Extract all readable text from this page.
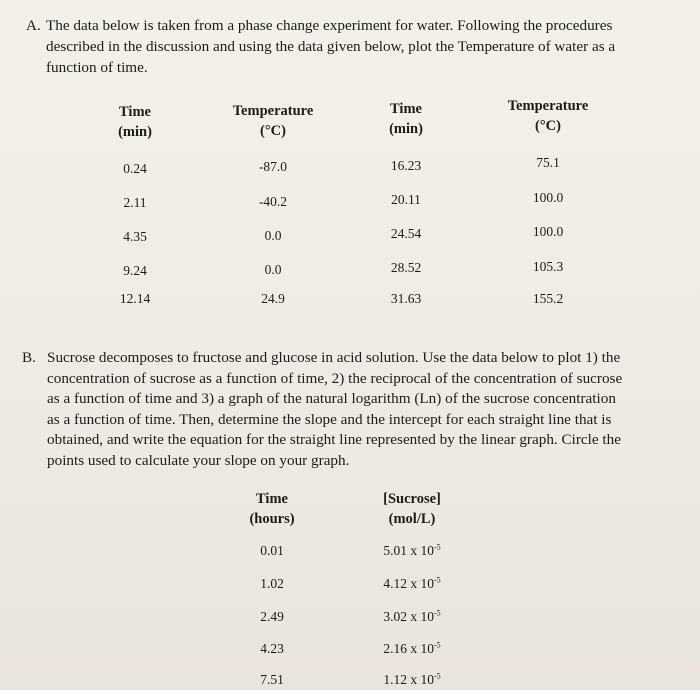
A. The data below is taken from a phase change experiment for water. Following the procedures
described in the discussion and using the data given below, plot the Temperature of water as a
function of time.
Time
(min)
Temperature
(°C)
Time
(min)
Temperature
(°C)
0.24	-87.0	16.23	75.1
2.11	-40.2	20.11	100.0
4.35	0.0	24.54	100.0
9.24	0.0	28.52	105.3
12.14	24.9	31.63	155.2
B. Sucrose decomposes to fructose and glucose in acid solution. Use the data below to plot 1) the
concentration of sucrose as a function of time, 2) the reciprocal of the concentration of sucrose
as a function of time and 3) a graph of the natural logarithm (Ln) of the sucrose concentration
as a function of time. Then, determine the slope and the intercept for each straight line that is
obtained, and write the equation for the straight line represented by the linear graph. Circle the
points used to calculate your slope on your graph.
Time
(hours)
[Sucrose]
(mol/L)
0.01	5.01 x $10^{-5}$
1.02	4.12 x $10^{-5}$
2.49	3.02 x $10^{-5}$
4.23	2.16 x $10^{-5}$
7.51	1.12 x $10^{-5}$
